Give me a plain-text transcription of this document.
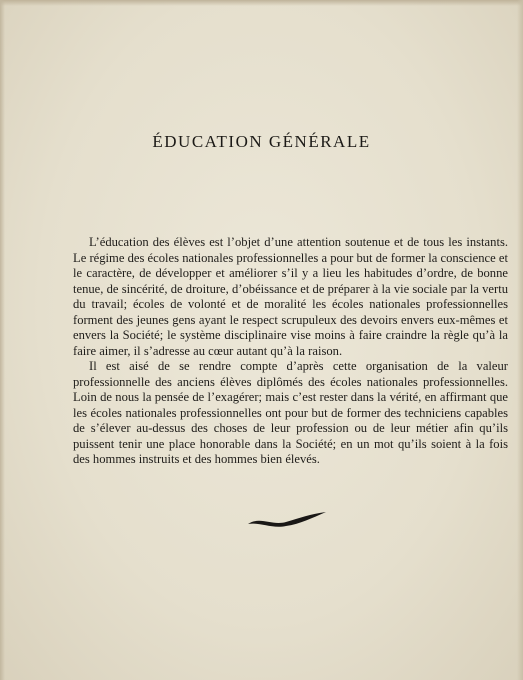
ÉDUCATION GÉNÉRALE

L’éducation des élèves est l’objet d’une attention soutenue et de tous les instants. Le régime des écoles nationales professionnelles a pour but de former la conscience et le caractère, de développer et améliorer s’il y a lieu les habitudes d’ordre, de bonne tenue, de sincérité, de droiture, d’obéissance et de préparer à la vie sociale par la vertu du travail; écoles de volonté et de moralité les écoles nationales professionnelles forment des jeunes gens ayant le respect scrupuleux des devoirs envers eux-mêmes et envers la Société; le système disciplinaire vise moins à faire craindre la règle qu’à la faire aimer, il s’adresse au cœur autant qu’à la raison.

Il est aisé de se rendre compte d’après cette organisation de la valeur professionnelle des anciens élèves diplômés des écoles nationales professionnelles. Loin de nous la pensée de l’exagérer; mais c’est rester dans la vérité, en affirmant que les écoles nationales professionnelles ont pour but de former des techniciens capables de s’élever au-dessus des choses de leur profession ou de leur métier afin qu’ils puissent tenir une place honorable dans la Société; en un mot qu’ils soient à la fois des hommes instruits et des hommes bien élevés.
